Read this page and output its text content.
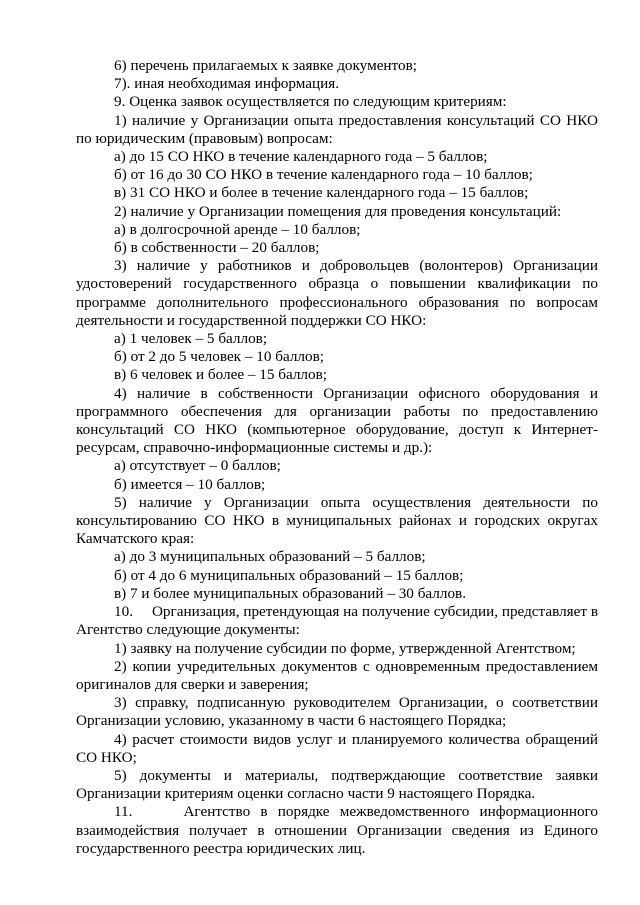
6) перечень прилагаемых к заявке документов;

7). иная необходимая информация.

9. Оценка заявок осуществляется по следующим критериям:

1) наличие у Организации опыта предоставления консультаций СО НКО по юридическим (правовым) вопросам:

а) до 15 СО НКО в течение календарного года – 5 баллов;

б) от 16 до 30 СО НКО в течение календарного года – 10 баллов;

в) 31 СО НКО и более в течение календарного года – 15 баллов;

2) наличие у Организации помещения для проведения консультаций:

а) в долгосрочной аренде – 10 баллов;

б) в собственности – 20 баллов;

3) наличие у работников и добровольцев (волонтеров) Организации удостоверений государственного образца о повышении квалификации по программе дополнительного профессионального образования по вопросам деятельности и государственной поддержки СО НКО:

а) 1 человек – 5 баллов;

б) от 2 до 5 человек – 10 баллов;

в) 6 человек и более – 15 баллов;

4) наличие в собственности Организации офисного оборудования и программного обеспечения для организации работы по предоставлению консультаций СО НКО (компьютерное оборудование, доступ к Интернет-ресурсам, справочно-информационные системы и др.):

а) отсутствует – 0 баллов;

б) имеется – 10 баллов;

5) наличие у Организации опыта осуществления деятельности по консультированию СО НКО в муниципальных районах и городских округах Камчатского края:

а) до 3 муниципальных образований – 5 баллов;

б) от 4 до 6 муниципальных образований – 15 баллов;

в) 7 и более муниципальных образований – 30 баллов.

10.     Организация, претендующая на получение субсидии, представляет в Агентство следующие документы:

1) заявку на получение субсидии по форме, утвержденной Агентством;

2) копии учредительных документов с одновременным предоставлением оригиналов для сверки и заверения;

3) справку, подписанную руководителем Организации, о соответствии Организации условию, указанному в части 6 настоящего Порядка;

4) расчет стоимости видов услуг и планируемого количества обращений СО НКО;

5) документы и материалы, подтверждающие соответствие заявки Организации критериям оценки согласно части 9 настоящего Порядка.

11.     Агентство в порядке межведомственного информационного взаимодействия получает в отношении Организации сведения из Единого государственного реестра юридических лиц.
